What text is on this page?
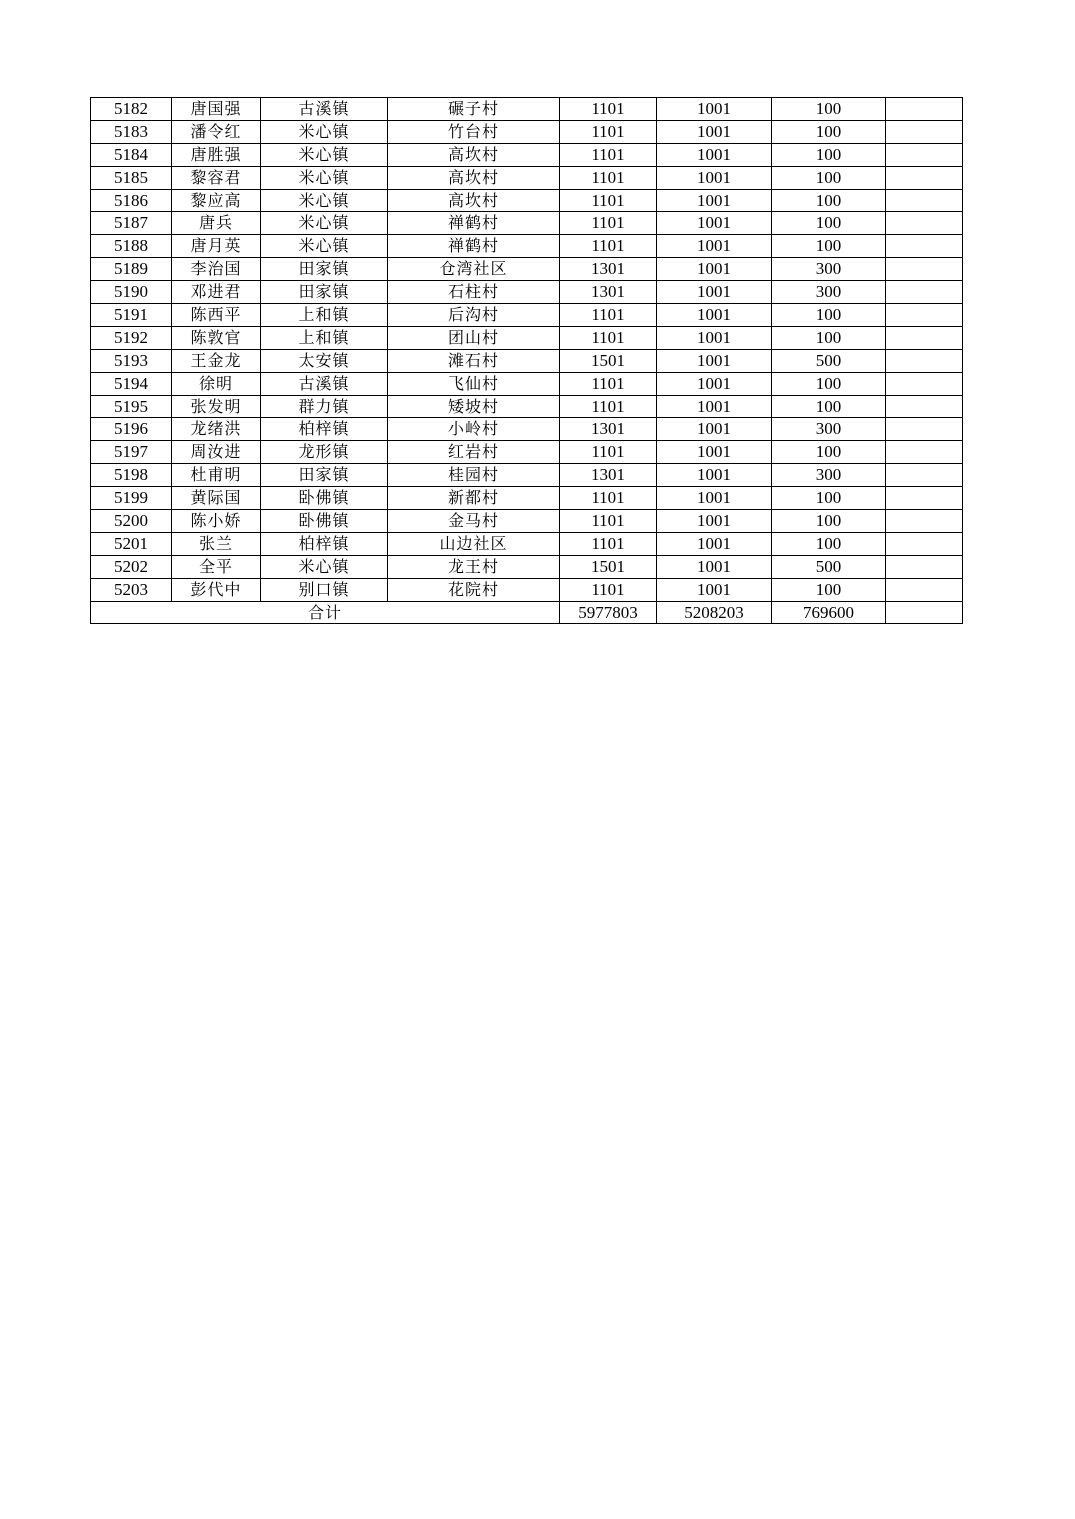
5182	唐国强	古溪镇	碾子村	1101	1001	100	
5183	潘令红	米心镇	竹台村	1101	1001	100	
5184	唐胜强	米心镇	高坎村	1101	1001	100	
5185	黎容君	米心镇	高坎村	1101	1001	100	
5186	黎应高	米心镇	高坎村	1101	1001	100	
5187	唐兵	米心镇	禅鹤村	1101	1001	100	
5188	唐月英	米心镇	禅鹤村	1101	1001	100	
5189	李治国	田家镇	仓湾社区	1301	1001	300	
5190	邓进君	田家镇	石柱村	1301	1001	300	
5191	陈西平	上和镇	后沟村	1101	1001	100	
5192	陈敦官	上和镇	团山村	1101	1001	100	
5193	王金龙	太安镇	滩石村	1501	1001	500	
5194	徐明	古溪镇	飞仙村	1101	1001	100	
5195	张发明	群力镇	矮坡村	1101	1001	100	
5196	龙绪洪	柏梓镇	小岭村	1301	1001	300	
5197	周汝进	龙形镇	红岩村	1101	1001	100	
5198	杜甫明	田家镇	桂园村	1301	1001	300	
5199	黄际国	卧佛镇	新都村	1101	1001	100	
5200	陈小娇	卧佛镇	金马村	1101	1001	100	
5201	张兰	柏梓镇	山边社区	1101	1001	100	
5202	全平	米心镇	龙王村	1501	1001	500	
5203	彭代中	别口镇	花院村	1101	1001	100	
合计				5977803	5208203	769600	
